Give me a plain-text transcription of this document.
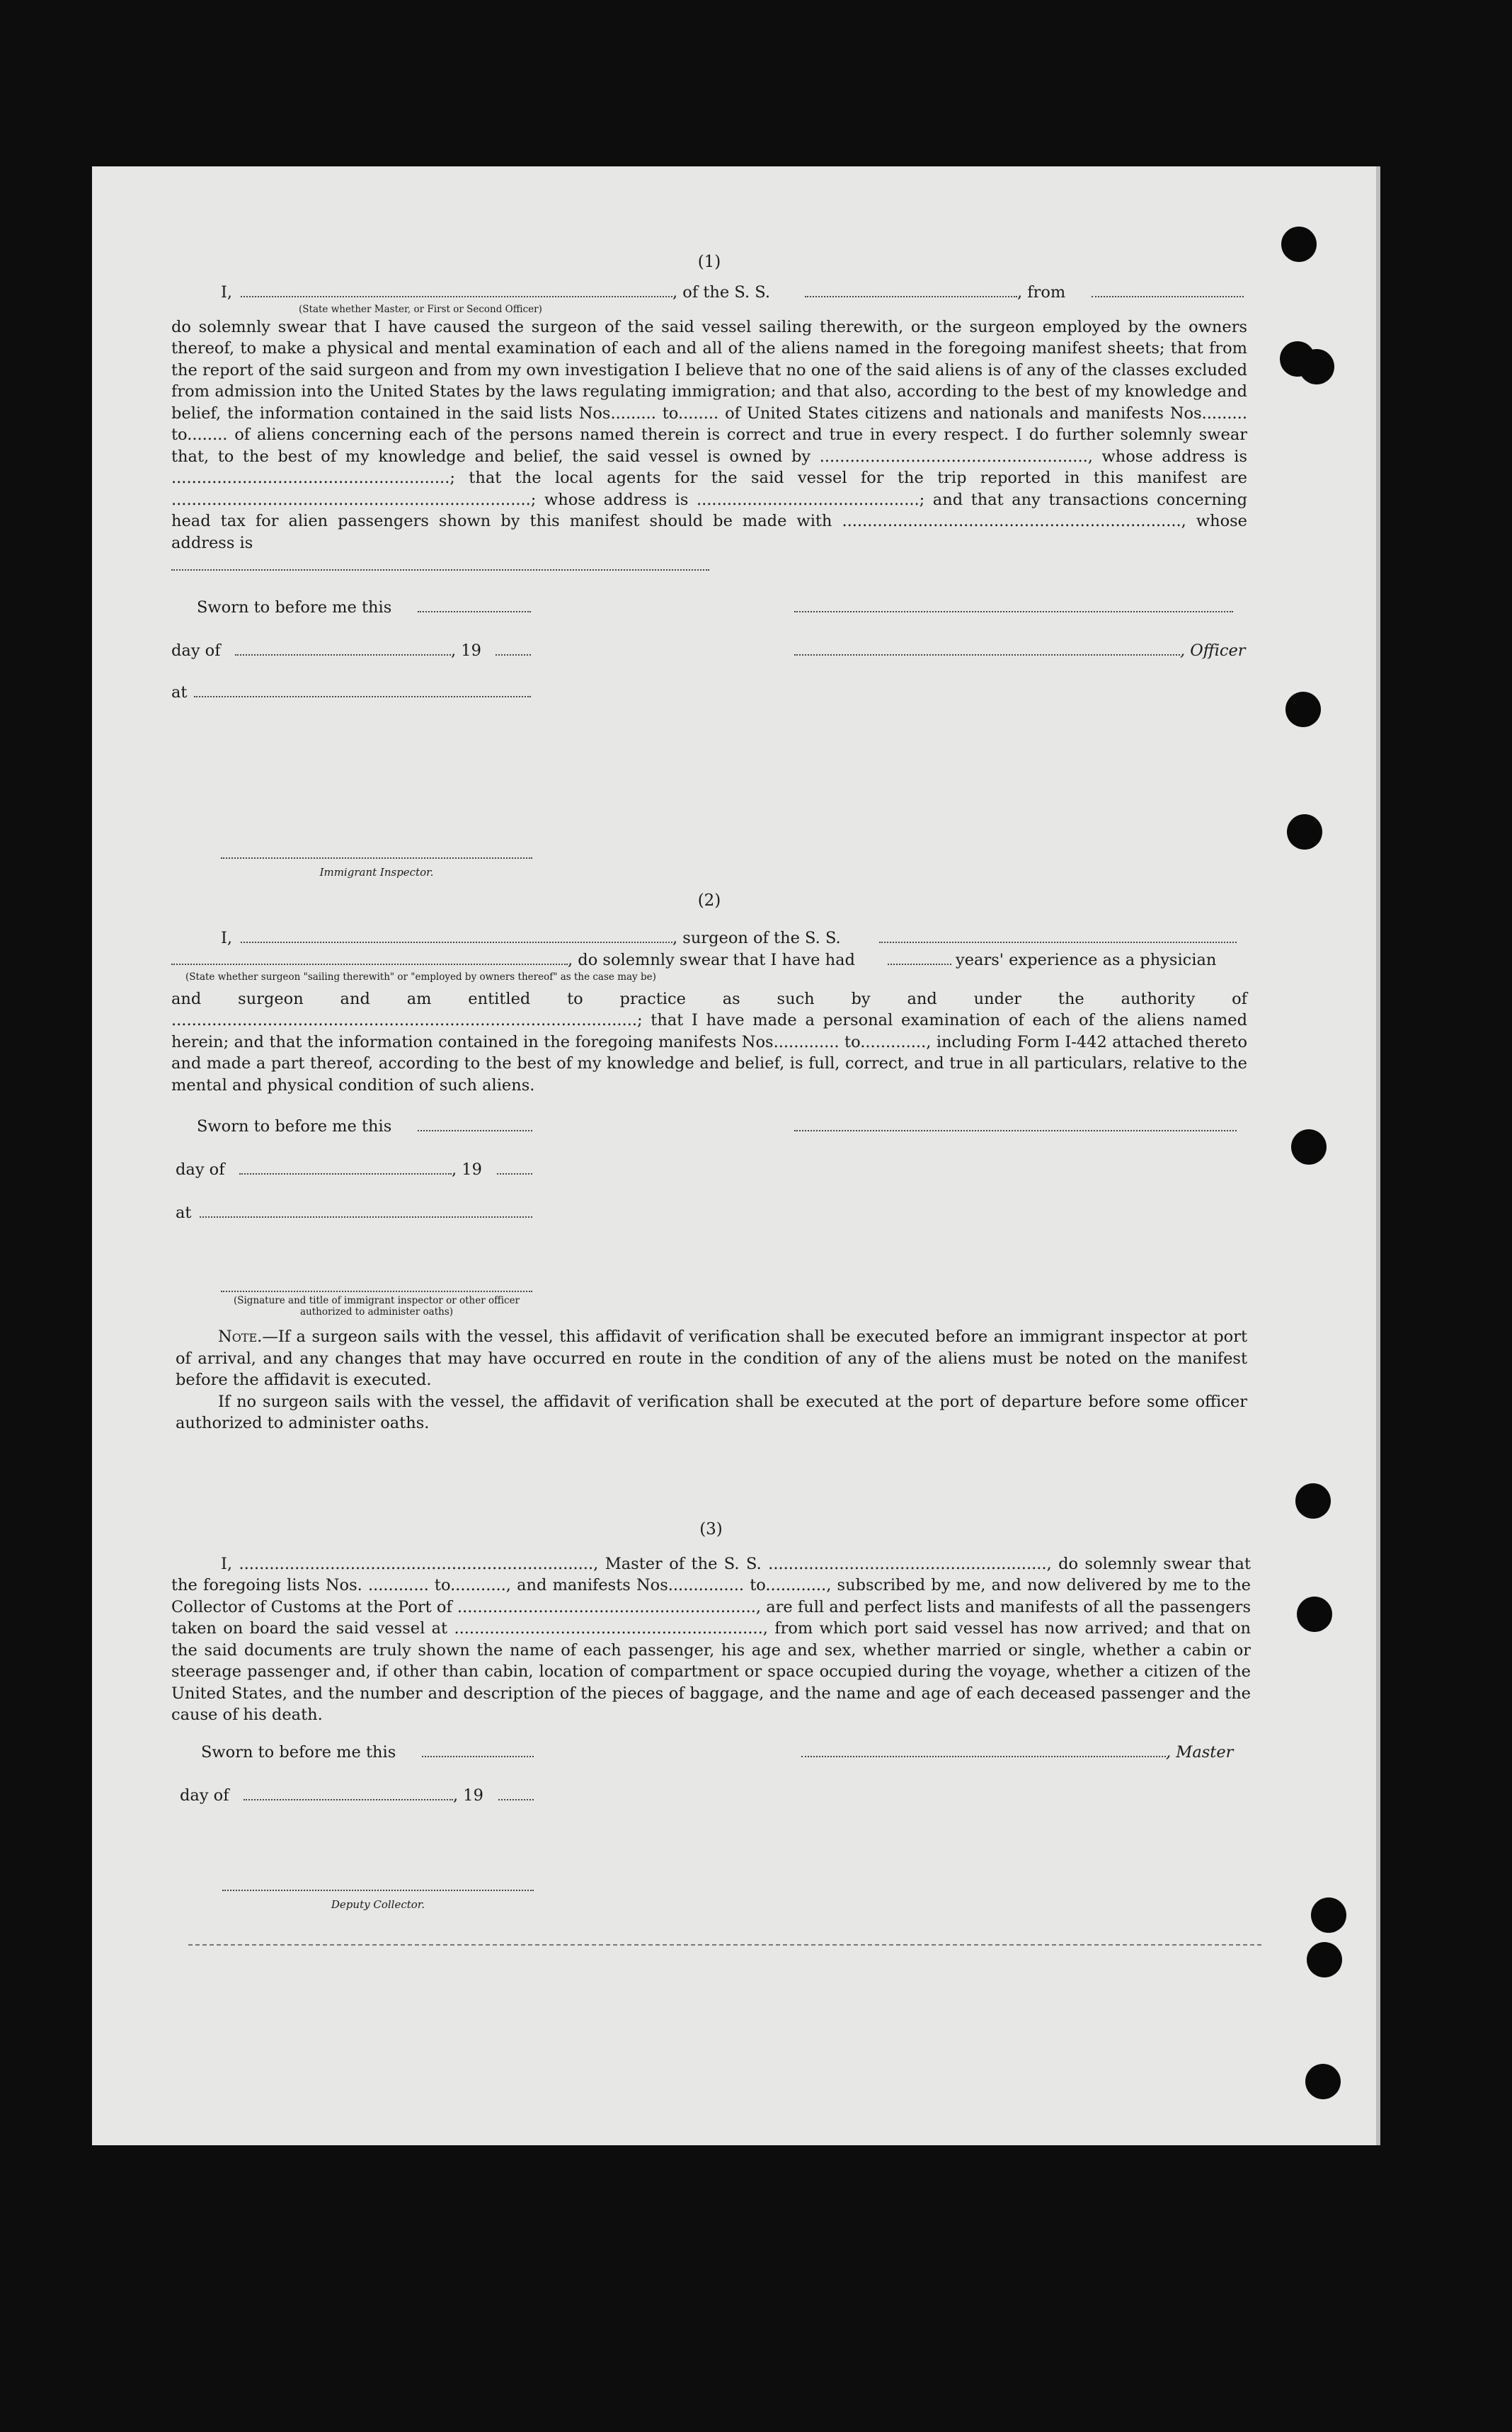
(1)

I,	, of the S. S.	, from
(State whether Master, or First or Second Officer)

do solemnly swear that I have caused the surgeon of the said vessel sailing therewith, or the surgeon employed by the owners thereof, to make a physical and mental examination of each and all of the aliens named in the foregoing manifest sheets; that from the report of the said surgeon and from my own investigation I believe that no one of the said aliens is of any of the classes excluded from admission into the United States by the laws regulating immigration; and that also, according to the best of my knowledge and belief, the information contained in the said lists Nos......... to........ of United States citizens and nationals and manifests Nos......... to........ of aliens concerning each of the persons named therein is correct and true in every respect. I do further solemnly swear that, to the best of my knowledge and belief, the said vessel is owned by ....................................................., whose address is .......................................................; that the local agents for the said vessel for the trip reported in this manifest are .......................................................................; whose address is ............................................; and that any transactions concerning head tax for alien passengers shown by this manifest should be made with ..................................................................., whose address is

Sworn to before me this
day of	, 19	, Officer
at
Immigrant Inspector.

(2)

I,	, surgeon of the S. S.
, do solemnly swear that I have had	years' experience as a physician
(State whether surgeon "sailing therewith" or "employed by owners thereof" as the case may be)

and surgeon and am entitled to practice as such by and under the authority of ............................................................................................; that I have made a personal examination of each of the aliens named herein; and that the information contained in the foregoing manifests Nos............. to............., including Form I-442 attached thereto and made a part thereof, according to the best of my knowledge and belief, is full, correct, and true in all particulars, relative to the mental and physical condition of such aliens.

Sworn to before me this
day of	, 19
at
(Signature and title of immigrant inspector or other officer authorized to administer oaths)

Note.—If a surgeon sails with the vessel, this affidavit of verification shall be executed before an immigrant inspector at port of arrival, and any changes that may have occurred en route in the condition of any of the aliens must be noted on the manifest before the affidavit is executed.

If no surgeon sails with the vessel, the affidavit of verification shall be executed at the port of departure before some officer authorized to administer oaths.

(3)

I, ......................................................................, Master of the S. S. ......................................................., do solemnly swear that the foregoing lists Nos. ............ to..........., and manifests Nos............... to............, subscribed by me, and now delivered by me to the Collector of Customs at the Port of ..........................................................., are full and perfect lists and manifests of all the passengers taken on board the said vessel at ............................................................., from which port said vessel has now arrived; and that on the said documents are truly shown the name of each passenger, his age and sex, whether married or single, whether a cabin or steerage passenger and, if other than cabin, location of compartment or space occupied during the voyage, whether a citizen of the United States, and the number and description of the pieces of baggage, and the name and age of each deceased passenger and the cause of his death.

Sworn to before me this	, Master
day of	, 19
Deputy Collector.
